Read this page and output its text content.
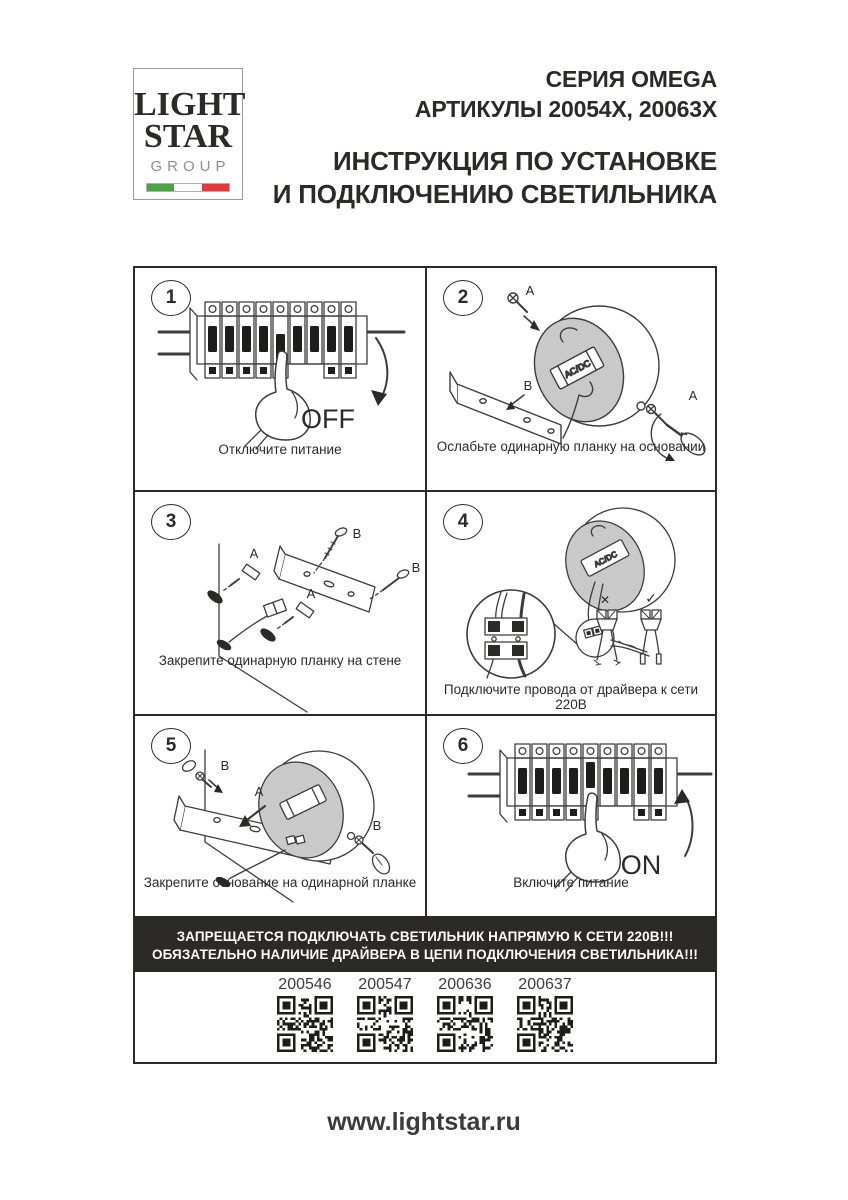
LIGHT
STAR
GROUP
СЕРИЯ OMEGA
АРТИКУЛЫ 20054X, 20063X
ИНСТРУКЦИЯ ПО УСТАНОВКЕ
И ПОДКЛЮЧЕНИЮ СВЕТИЛЬНИКА
1
OFF
Отключите питание
2
AC/DC
A
B
A
Ослабьте одинарную планку на основании
3
A
B
B
A
Закрепите одинарную планку на стене
4
AC/DC
N L
N L
✕	✓
Подключите провода от драйвера к сети 220В
5
B
A
B
Закрепите основание на одинарной планке
6
ON
Включите питание
ЗАПРЕЩАЕТСЯ ПОДКЛЮЧАТЬ СВЕТИЛЬНИК НАПРЯМУЮ К СЕТИ 220В!!!
ОБЯЗАТЕЛЬНО НАЛИЧИЕ ДРАЙВЕРА В ЦЕПИ ПОДКЛЮЧЕНИЯ СВЕТИЛЬНИКА!!!
200546 200547 200636 200637
www.lightstar.ru
